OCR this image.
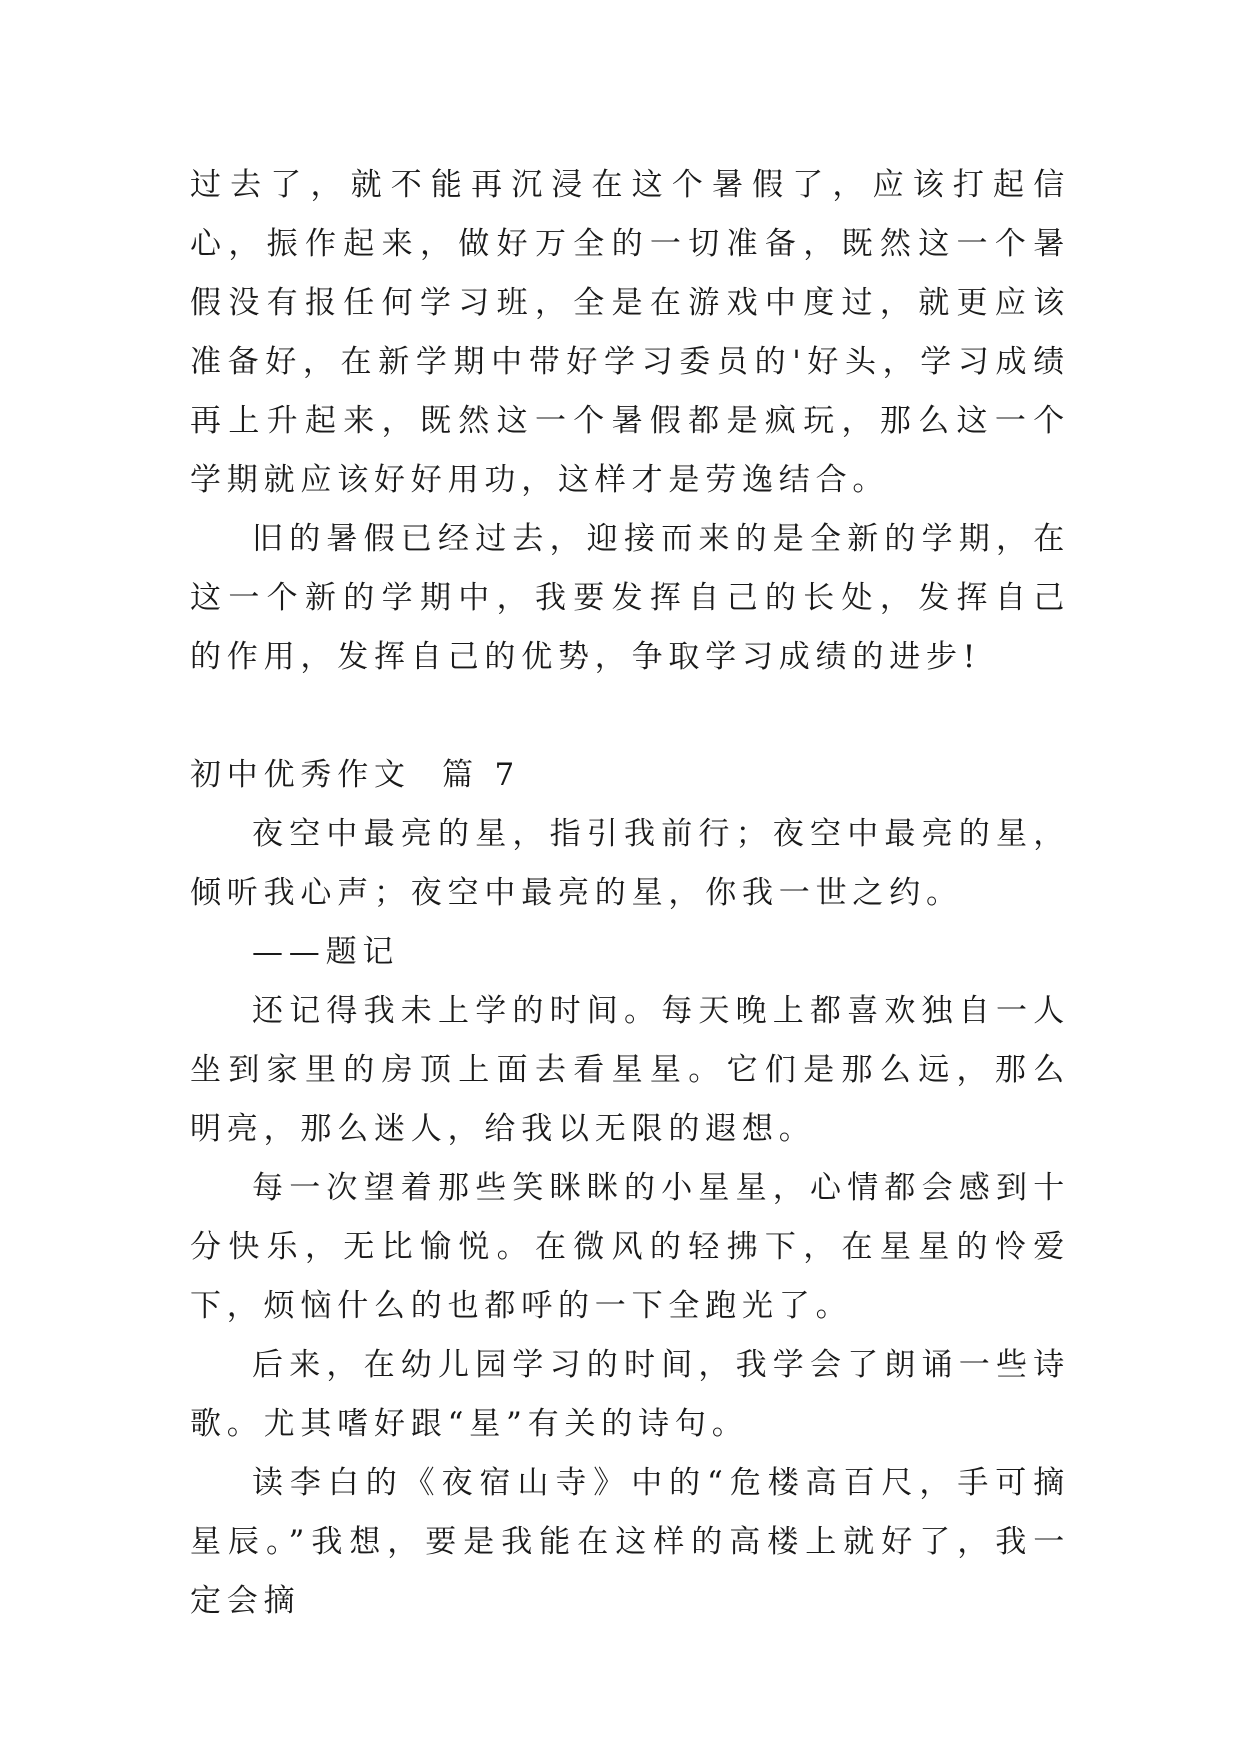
过去了，就不能再沉浸在这个暑假了，应该打起信心，振作起来，做好万全的一切准备，既然这一个暑假没有报任何学习班，全是在游戏中度过，就更应该准备好，在新学期中带好学习委员的'好头，学习成绩再上升起来，既然这一个暑假都是疯玩，那么这一个学期就应该好好用功，这样才是劳逸结合。

旧的暑假已经过去，迎接而来的是全新的学期，在这一个新的学期中，我要发挥自己的长处，发挥自己的作用，发挥自己的优势，争取学习成绩的进步!

初中优秀作文  篇 7

夜空中最亮的星，指引我前行；夜空中最亮的星，倾听我心声；夜空中最亮的星，你我一世之约。

——题记

还记得我未上学的时间。每天晚上都喜欢独自一人坐到家里的房顶上面去看星星。它们是那么远，那么明亮，那么迷人，给我以无限的遐想。

每一次望着那些笑眯眯的小星星，心情都会感到十分快乐，无比愉悦。在微风的轻拂下，在星星的怜爱下，烦恼什么的也都呼的一下全跑光了。

后来，在幼儿园学习的时间，我学会了朗诵一些诗歌。尤其嗜好跟“星”有关的诗句。

读李白的《夜宿山寺》中的“危楼高百尺，手可摘星辰。”我想，要是我能在这样的高楼上就好了，我一定会摘
